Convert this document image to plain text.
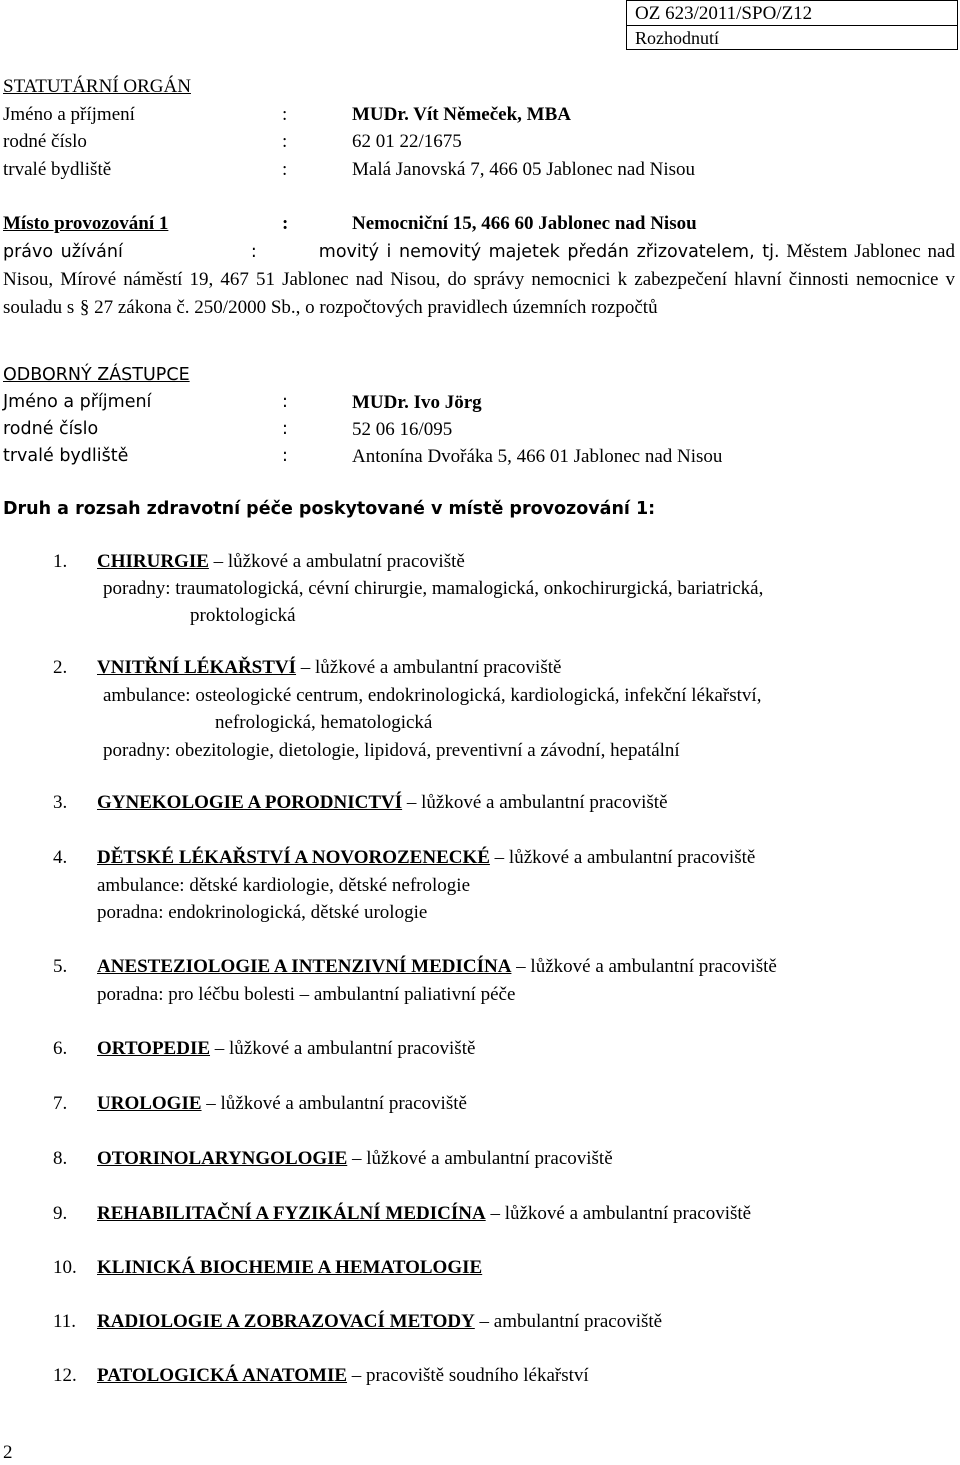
OZ 623/2011/SPO/Z12
Rozhodnutí
STATUTÁRNÍ ORGÁN
Jméno a příjmení	:	MUDr. Vít Němeček, MBA
rodné číslo	:	62 01 22/1675
trvalé bydliště	:	Malá Janovská 7, 466 05 Jablonec nad Nisou
Místo provozování 1	:	Nemocniční 15, 466 60 Jablonec nad Nisou
právo užívání	:	movitý i nemovitý majetek předán zřizovatelem, tj. Městem Jablonec nad Nisou, Mírové náměstí 19, 467 51 Jablonec nad Nisou, do správy nemocnici k zabezpečení hlavní činnosti nemocnice v souladu s § 27 zákona č. 250/2000 Sb., o rozpočtových pravidlech územních rozpočtů
ODBORNÝ ZÁSTUPCE
Jméno a příjmení	:	MUDr. Ivo Jörg
rodné číslo	:	52 06 16/095
trvalé bydliště	:	Antonína Dvořáka 5, 466 01 Jablonec nad Nisou
Druh a rozsah zdravotní péče poskytované v místě provozování 1:
1. CHIRURGIE – lůžkové a ambulatní pracoviště
poradny: traumatologická, cévní chirurgie, mamalogická, onkochirurgická, bariatrická,
proktologická
2. VNITŘNÍ LÉKAŘSTVÍ – lůžkové a ambulantní pracoviště
ambulance: osteologické centrum, endokrinologická, kardiologická, infekční lékařství,
nefrologická, hematologická
poradny: obezitologie, dietologie, lipidová, preventivní a závodní, hepatální
3. GYNEKOLOGIE A PORODNICTVÍ – lůžkové a ambulantní pracoviště
4. DĚTSKÉ LÉKAŘSTVÍ A NOVOROZENECKÉ – lůžkové a ambulantní pracoviště
ambulance: dětské kardiologie, dětské nefrologie
poradna: endokrinologická, dětské urologie
5. ANESTEZIOLOGIE A INTENZIVNÍ MEDICÍNA – lůžkové a ambulantní pracoviště
poradna: pro léčbu bolesti – ambulantní paliativní péče
6. ORTOPEDIE – lůžkové a ambulantní pracoviště
7. UROLOGIE – lůžkové a ambulantní pracoviště
8. OTORINOLARYNGOLOGIE – lůžkové a ambulantní pracoviště
9. REHABILITAČNÍ A FYZIKÁLNÍ MEDICÍNA – lůžkové a ambulantní pracoviště
10. KLINICKÁ BIOCHEMIE A HEMATOLOGIE
11. RADIOLOGIE A ZOBRAZOVACÍ METODY – ambulantní pracoviště
12. PATOLOGICKÁ ANATOMIE – pracoviště soudního lékařství
2
